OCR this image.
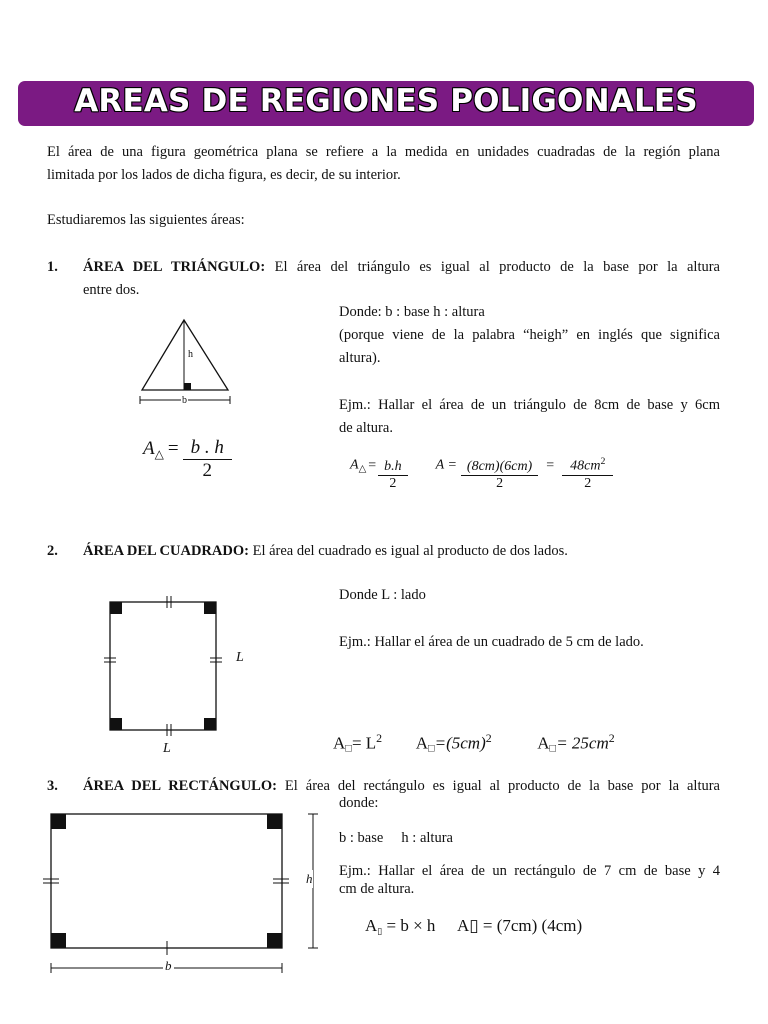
AREAS DE REGIONES POLIGONALES
El área de una figura geométrica plana se refiere a la medida en unidades cuadradas de la región plana
limitada por los lados de dicha figura, es decir, de su interior.
Estudiaremos las siguientes áreas:
1. ÁREA DEL TRIÁNGULO: El área del triángulo es igual al producto de la base por la altura
entre dos.
h
b
$A_\triangle = \frac{b . h}{2}$
Donde: b : base h : altura
(porque viene de la palabra “heigh” en inglés que significa
altura).
Ejm.: Hallar el área de un triángulo de 8cm de base y 6cm
de altura.
$A_\triangle = \frac{b.h}{2}$ $A = \frac{(8cm)(6cm)}{2} = \frac{48cm^2}{2}$
2. ÁREA DEL CUADRADO: El área del cuadrado es igual al producto de dos lados.
L
L
Donde L : lado
Ejm.: Hallar el área de un cuadrado de 5 cm de lado.
A□= $L^2$ $A□=(5cm)^2$	A□= $25cm^2$
3. ÁREA DEL RECTÁNGULO: El área del rectángulo es igual al producto de la base por la altura
donde:
h
b
b : base     h : altura
Ejm.: Hallar el área de un rectángulo de 7 cm de base y 4
cm de altura.
A▯ = b × h A▯ = (7cm) (4cm)
